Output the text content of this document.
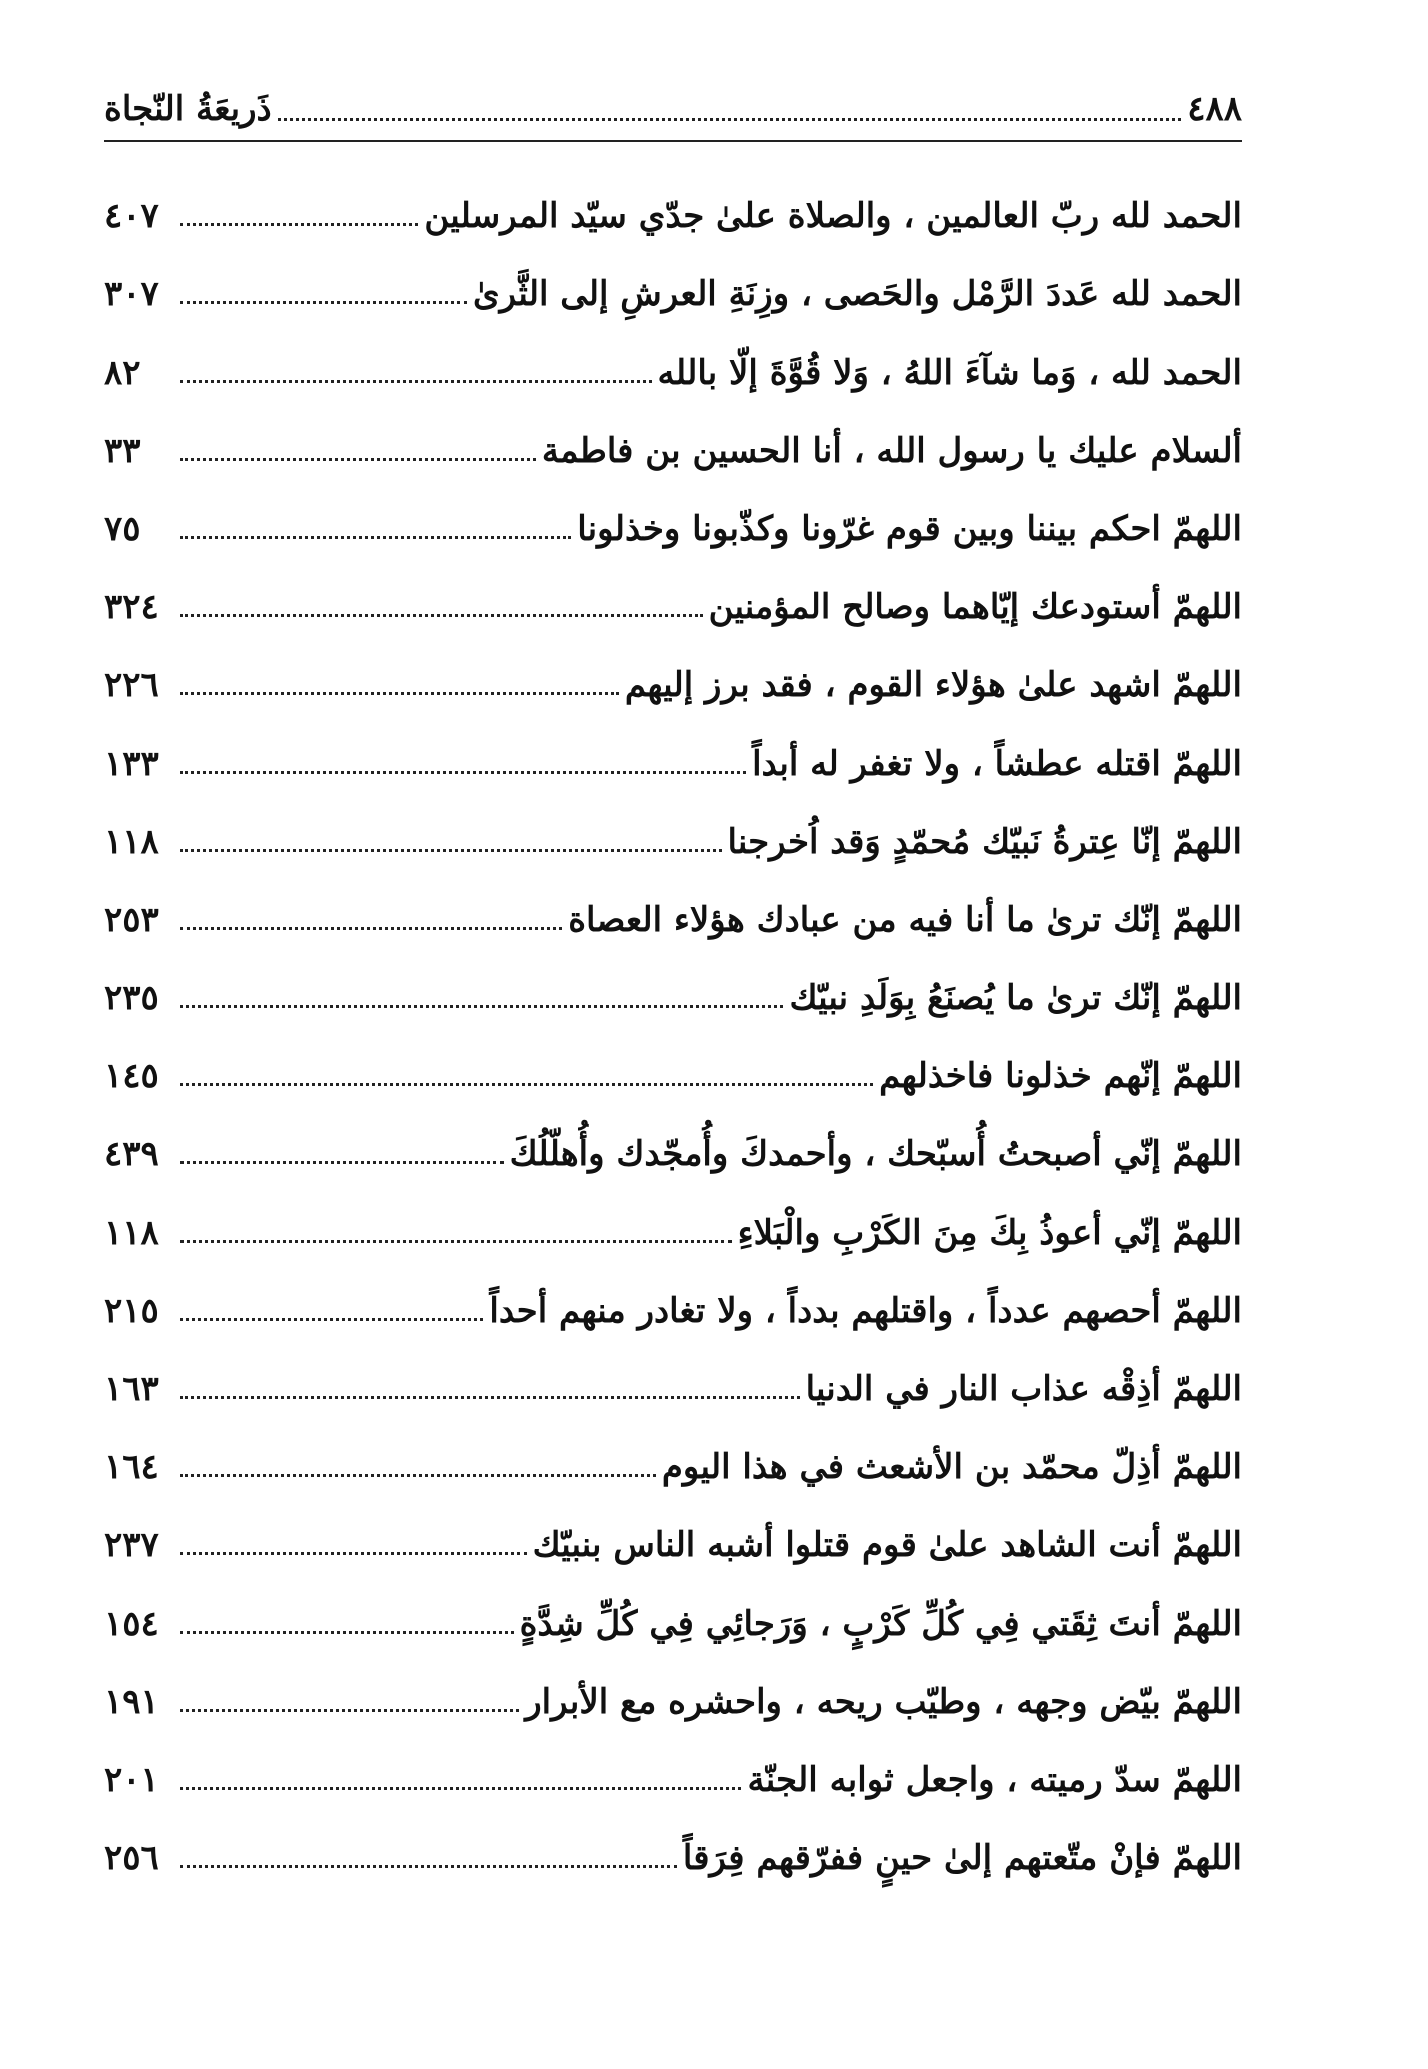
٤٨٨
ذَريعَةُ النّجاة
الحمد لله ربّ العالمين ، والصلاة علىٰ جدّي سيّد المرسلين
٤٠٧
الحمد لله عَددَ الرَّمْل والحَصى ، وزِنَةِ العرشِ إلى الثَّرىٰ
٣٠٧
الحمد لله ، وَما شآءَ اللهُ ، وَلا قُوَّةَ إلّا بالله
٨٢
ألسلام عليك يا رسول الله ، أنا الحسين بن فاطمة
٣٣
اللهمّ احكم بيننا وبين قوم غرّونا وكذّبونا وخذلونا
٧٥
اللهمّ أستودعك إيّاهما وصالح المؤمنين
٣٢٤
اللهمّ اشهد علىٰ هؤلاء القوم ، فقد برز إليهم
٢٢٦
اللهمّ اقتله عطشاً ، ولا تغفر له أبداً
١٣٣
اللهمّ إنّا عِترةُ نَبيّك مُحمّدٍ وَقد اُخرجنا
١١٨
اللهمّ إنّك ترىٰ ما أنا فيه من عبادك هؤلاء العصاة
٢٥٣
اللهمّ إنّك ترىٰ ما يُصنَعُ بِوَلَدِ نبيّك
٢٣٥
اللهمّ إنّهم خذلونا فاخذلهم
١٤٥
اللهمّ إنّي أصبحتُ أُسبّحك ، وأحمدكَ وأُمجّدك وأُهلّلُكَ
٤٣٩
اللهمّ إنّي أعوذُ بِكَ مِنَ الكَرْبِ والْبَلاءِ
١١٨
اللهمّ أحصهم عدداً ، واقتلهم بدداً ، ولا تغادر منهم أحداً
٢١٥
اللهمّ أذِقْه عذاب النار في الدنيا
١٦٣
اللهمّ أذِلّ محمّد بن الأشعث في هذا اليوم
١٦٤
اللهمّ أنت الشاهد علىٰ قوم قتلوا أشبه الناس بنبيّك
٢٣٧
اللهمّ أنتَ ثِقَتي فِي كُلِّ كَرْبٍ ، وَرَجائِي فِي كُلِّ شِدَّةٍ
١٥٤
اللهمّ بيّض وجهه ، وطيّب ريحه ، واحشره مع الأبرار
١٩١
اللهمّ سدّ رميته ، واجعل ثوابه الجنّة
٢٠١
اللهمّ فإنْ متّعتهم إلىٰ حينٍ ففرّقهم فِرَقاً
٢٥٦
